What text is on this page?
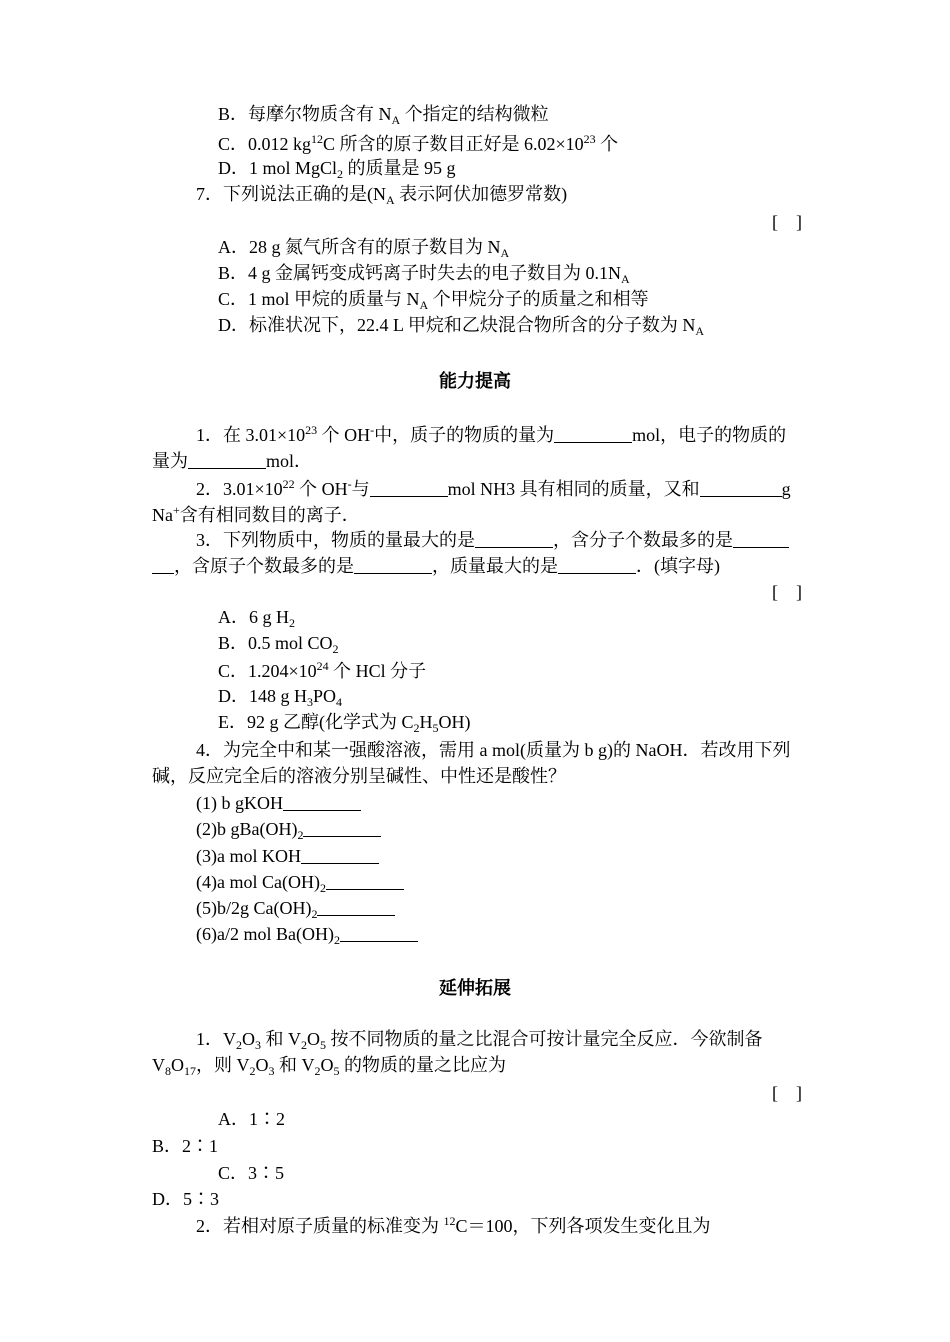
B．每摩尔物质含有 $N_A$ 个指定的结构微粒
C．0.012 $kg^{12}C$ 所含的原子数目正好是 $6.02\times 10^{23}$ 个
D．1 mol MgCl$_2$ 的质量是 95 g
7．下列说法正确的是($N_A$ 表示阿伏加德罗常数)
[    ]
A．28 g 氮气所含有的原子数目为 $N_A$
B．4 g 金属钙变成钙离子时失去的电子数目为 $0.1N_A$
C．1 mol 甲烷的质量与 $N_A$ 个甲烷分子的质量之和相等
D．标准状况下，22.4 L 甲烷和乙炔混合物所含的分子数为 $N_A$
能力提高
1．在 $3.01\times 10^{23}$ 个 OH-中，质子的物质的量为	mol，电子的物质的
量为	mol．
2．$3.01\times 10^{22}$ 个 OH-与	mol NH3 具有相同的质量，又和	g
Na+含有相同数目的离子．
3．下列物质中，物质的量最大的是	，含分子个数最多的是
，含原子个数最多的是	，质量最大的是	．(填字母)
[    ]
A．6 g $H_2$
B．0.5 mol $CO_2$
C．$1.204\times 10^{24}$ 个 HCl 分子
D．148 g $H_3PO_4$
E．92 g 乙醇(化学式为 $C_2H_5OH$)
4．为完全中和某一强酸溶液，需用 a mol(质量为 b g)的 NaOH．若改用下列
碱，反应完全后的溶液分别呈碱性、中性还是酸性？
(1) b gKOH
(2)b $gBa(OH)_2$
(3)a mol KOH
(4)a mol $Ca(OH)_2$
(5)b/2g $Ca(OH)_2$
(6)a/2 mol $Ba(OH)_2$
延伸拓展
1．$V_2O_3$ 和 $V_2O_5$ 按不同物质的量之比混合可按计量完全反应．今欲制备
$V_8O_{17}$，则 $V_2O_3$ 和 $V_2O_5$ 的物质的量之比应为
[    ]
A．1∶2
B．2∶1
C．3∶5
D．5∶3
2．若相对原子质量的标准变为 $^{12}$C＝100，下列各项发生变化且为
